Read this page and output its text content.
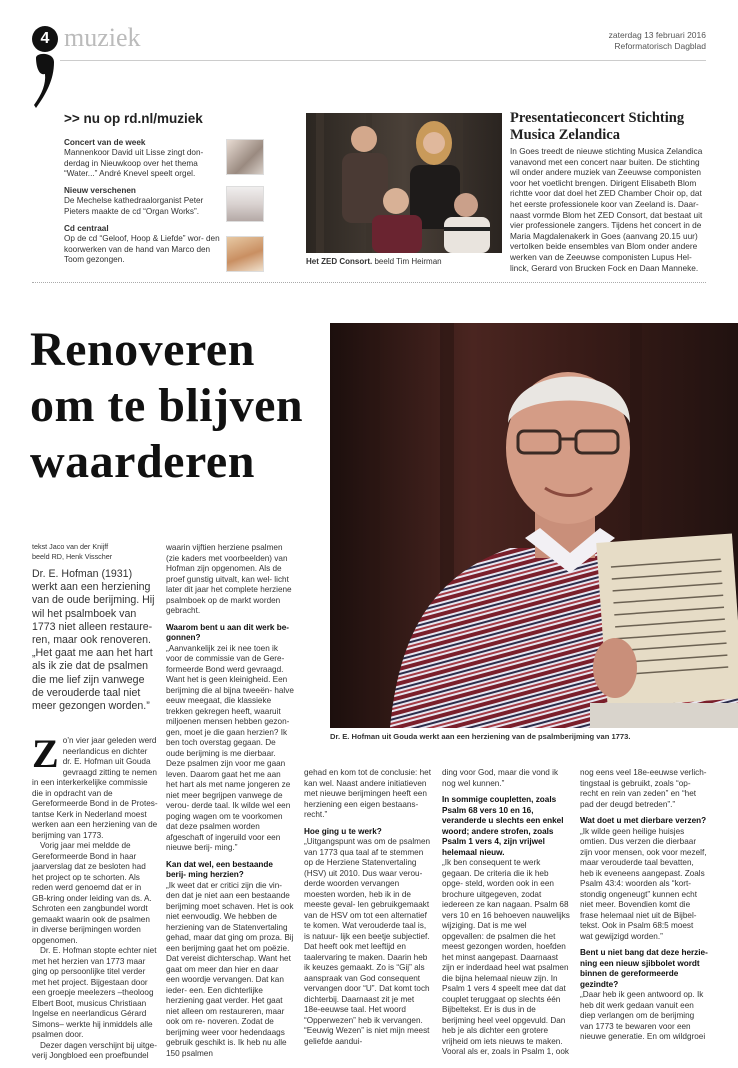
4 muziek	zaterdag 13 februari 2016
Reformatorisch Dagblad
>> nu op rd.nl/muziek
Concert van de week
Mannenkoor David uit Lisse zingt don- derdag in Nieuwkoop over het thema “Water...” André Knevel speelt orgel.
Nieuw verschenen
De Mechelse kathedraalorganist Peter Pieters maakte de cd “Organ Works”.
Cd centraal
Op de cd “Geloof, Hoop & Liefde” wor- den koorwerken van de hand van Marco den Toom gezongen.	Het ZED Consort. beeld Tim Heirman
Presentatieconcert Stichting Musica Zelandica
In Goes treedt de nieuwe stichting Musica Zelandica vanavond met een concert naar buiten. De stichting wil onder andere muziek van Zeeuwse componisten voor het voetlicht brengen. Dirigent Elisabeth Blom richtte voor dat doel het ZED Chamber Choir op, dat het eerste professionele koor van Zeeland is. Daar- naast vormde Blom het ZED Consort, dat bestaat uit vier professionele zangers. Tijdens het concert in de Maria Magdalenakerk in Goes (aanvang 20.15 uur) vertolken beide ensembles van Blom onder andere werken van de Zeeuwse componisten Lupus Hel- linck, Gerard von Brucken Fock en Daan Manneke.
Renoveren om te blijven waarderen
tekst Jaco van der Knijff
beeld RD, Henk Visscher
Dr. E. Hofman (1931) werkt aan een herziening van de oude berijming. Hij wil het psalmboek van 1773 niet alleen restaure- ren, maar ook renoveren. „Het gaat me aan het hart als ik zie dat de psalmen die me lief zijn vanwege de verouderde taal niet meer gezongen worden.”
Dr. E. Hofman uit Gouda werkt aan een herziening van de psalmberijming van 1773.
Z o’n vier jaar geleden werd neerlandicus en dichter dr. E. Hofman uit Gouda gevraagd zitting te nemen in een interkerkelijke commissie die in opdracht van de Gereformeerde Bond in de Protes- tantse Kerk in Nederland moest werken aan een herziening van de berijming van 1773.

Vorig jaar mei meldde de Gereformeerde Bond in haar jaarverslag dat ze besloten had het project op te schorten. Als reden werd genoemd dat er in GB-kring onder leiding van ds. A. Schroten een zangbundel wordt gemaakt waarin ook de psalmen in diverse berijmingen worden opgenomen.

Dr. E. Hofman stopte echter niet met het herzien van 1773 maar ging op persoonlijke titel verder met het project. Bijgestaan door een groepje meelezers –theoloog Elbert Boot, musicus Christiaan Ingelse en neerlandicus Gérard Simons– werkte hij inmiddels alle psalmen door.

Dezer dagen verschijnt bij uitge- verij Jongbloed een proefbundel

waarin vijftien herziene psalmen (zie kaders met voorbeelden) van Hofman zijn opgenomen. Als de proef gunstig uitvalt, kan wel- licht later dit jaar het complete herziene psalmboek op de markt worden gebracht.

Waarom bent u aan dit werk be- gonnen?

„Aanvankelijk zei ik nee toen ik voor de commissie van de Gere- formeerde Bond werd gevraagd. Want het is geen kleinigheid. Een berijming die al bijna tweeën- halve eeuw meegaat, die klassieke trekken gekregen heeft, waaruit miljoenen mensen hebben gezon- gen, moet je die gaan herzien? Ik ben toch overstag gegaan. De oude berijming is me dierbaar. Deze psalmen zijn voor me gaan leven. Daarom gaat het me aan het hart als met name jongeren ze niet meer begrijpen vanwege de verou- derde taal. Ik wilde wel een poging wagen om te voorkomen dat deze psalmen worden afgeschaft of ingeruild voor een nieuwe berij- ming.”

Kan dat wel, een bestaande berij- ming herzien?

„Ik weet dat er critici zijn die vin- den dat je niet aan een bestaande berijming moet schaven. Het is ook niet eenvoudig. We hebben de herziening van de Statenvertaling gehad, maar dat ging om proza. Bij een berijming gaat het om poëzie. Dat vereist dichterschap. Want het gaat om meer dan hier en daar een woordje vervangen. Dat kan ieder- een. Een dichterlijke herziening gaat verder. Het gaat niet alleen om restaureren, maar ook om re- noveren. Zodat de berijming weer voor hedendaags gebruik geschikt is. Ik heb nu alle 150 psalmen

gehad en kom tot de conclusie: het kan wel. Naast andere initiatieven met nieuwe berijmingen heeft een herziening een eigen bestaans- recht.”

Hoe ging u te werk?

„Uitgangspunt was om de psalmen van 1773 qua taal af te stemmen op de Herziene Statenvertaling (HSV) uit 2010. Dus waar verou- derde woorden vervangen moesten worden, heb ik in de meeste geval- len gebruikgemaakt van de HSV om tot een alternatief te komen. Wat verouderde taal is, is natuur- lijk een beetje subjectief. Dat heeft ook met leeftijd en taalervaring te maken. Daarin heb ik keuzes gemaakt. Zo is “Gij” als aanspraak van God consequent vervangen door “U”. Dat komt toch dichterbij. Daarnaast zit je met 18e-eeuwse taal. Het woord “Opperwezen” heb ik vervangen. “Eeuwig Wezen” is niet mijn meest geliefde aandui-

ding voor God, maar die vond ik nog wel kunnen.”

In sommige coupletten, zoals Psalm 68 vers 10 en 16, veranderde u slechts een enkel woord; andere strofen, zoals Psalm 1 vers 4, zijn vrijwel helemaal nieuw.

„Ik ben consequent te werk gegaan. De criteria die ik heb opge- steld, worden ook in een brochure uitgegeven, zodat iedereen ze kan nagaan. Psalm 68 vers 10 en 16 behoeven nauwelijks wijziging. Dat is me wel opgevallen: de psalmen die het meest gezongen worden, hoefden het minst aangepast. Daarnaast zijn er inderdaad heel wat psalmen die bijna helemaal nieuw zijn. In Psalm 1 vers 4 speelt mee dat dat couplet teruggaat op slechts één Bijbeltekst. Er is dus in de berijming heel veel opgevuld. Dan heb je als dichter een grotere vrijheid om iets nieuws te maken. Vooral als er, zoals in Psalm 1, ook

nog eens veel 18e-eeuwse verlich- tingstaal is gebruikt, zoals “op- recht en rein van zeden” en “het pad der deugd betreden”.”

Wat doet u met dierbare verzen?

„Ik wilde geen heilige huisjes omtien. Dus verzen die dierbaar zijn voor mensen, ook voor mezelf, maar verouderde taal bevatten, heb ik eveneens aangepast. Zoals Psalm 43:4: woorden als “kort- stondig ongeneugt” kunnen echt niet meer. Bovendien komt die frase helemaal niet uit de Bijbel- tekst. Ook in Psalm 68:5 moest wat gewijzigd worden.”

Bent u niet bang dat deze herzie- ning een nieuw sjibbolet wordt binnen de gereformeerde gezindte?

„Daar heb ik geen antwoord op. Ik heb dit werk gedaan vanuit een diep verlangen om de berijming van 1773 te bewaren voor een nieuwe generatie. En om wildgroei
